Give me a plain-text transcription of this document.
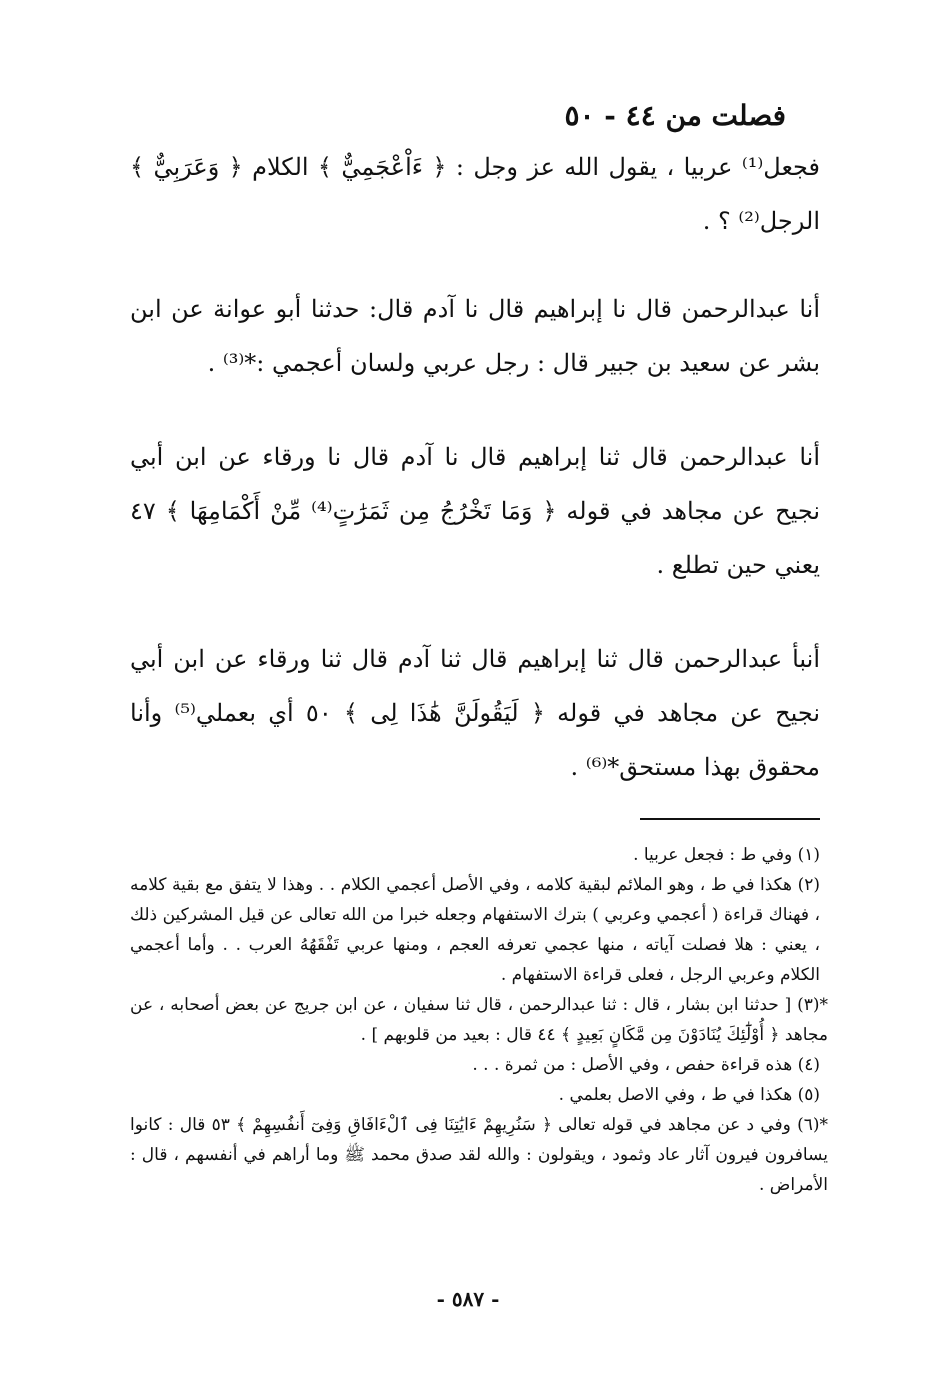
فصلت من ٤٤ - ٥٠

فجعل⁽¹⁾ عربيا ، يقول الله عز وجل : ﴿ ءَاْعْجَمِيٌّ ﴾ الكلام ﴿ وَعَرَبِيٌّ ﴾ الرجل⁽²⁾ ؟ .

أنا عبدالرحمن قال نا إبراهيم قال نا آدم قال: حدثنا أبو عوانة عن ابن بشر عن سعيد بن جبير قال : رجل عربي ولسان أعجمي :*⁽³⁾ .

أنا عبدالرحمن قال ثنا إبراهيم قال نا آدم قال نا ورقاء عن ابن أبي نجيح عن مجاهد في قوله ﴿ وَمَا تَخْرُجُ مِن ثَمَرَٰتٍ⁽⁴⁾ مِّنْ أَكْمَامِهَا ﴾ ٤٧ يعني حين تطلع .

أنبأ عبدالرحمن قال ثنا إبراهيم قال ثنا آدم قال ثنا ورقاء عن ابن أبي نجيح عن مجاهد في قوله ﴿ لَيَقُولَنَّ هَٰذَا لِى ﴾ ٥٠ أي بعملي⁽⁵⁾ وأنا محقوق بهذا مستحق*⁽⁶⁾ .

(١) وفي ط : فجعل عربيا .

(٢) هكذا في ط ، وهو الملائم لبقية كلامه ، وفي الأصل أعجمي الكلام . . وهذا لا يتفق مع بقية كلامه ، فهناك قراءة ( أعجمي وعربي ) بترك الاستفهام وجعله خبرا من الله تعالى عن قيل المشركين ذلك ، يعني : هلا فصلت آياته ، منها عجمي تعرفه العجم ، ومنها عربي تَفْقَهُهُ العرب . . وأما أعجمي الكلام وعربي الرجل ، فعلى قراءة الاستفهام .

*(٣) [ حدثنا ابن بشار ، قال : ثنا عبدالرحمن ، قال ثنا سفيان ، عن ابن جريج عن بعض أصحابه ، عن مجاهد ﴿ أُوْلَٰٓئِكَ يُنَادَوْنَ مِن مَّكَانٍ بَعِيدٍ ﴾ ٤٤ قال : بعيد من قلوبهم ] .

(٤) هذه قراءة حفص ، وفي الأصل : من ثمرة . . .

(٥) هكذا في ط ، وفي الاصل بعلمي .

*(٦) وفي د عن مجاهد في قوله تعالى ﴿ سَنُرِيهِمْ ءَايَٰتِنَا فِى ٱلْءَافَاقِ وَفِىٓ أَنفُسِهِمْ ﴾ ٥٣ قال : كانوا يسافرون فيرون آثار عاد وثمود ، ويقولون : والله لقد صدق محمد ﷺ وما أراهم في أنفسهم ، قال : الأمراض .

- ٥٨٧ -
